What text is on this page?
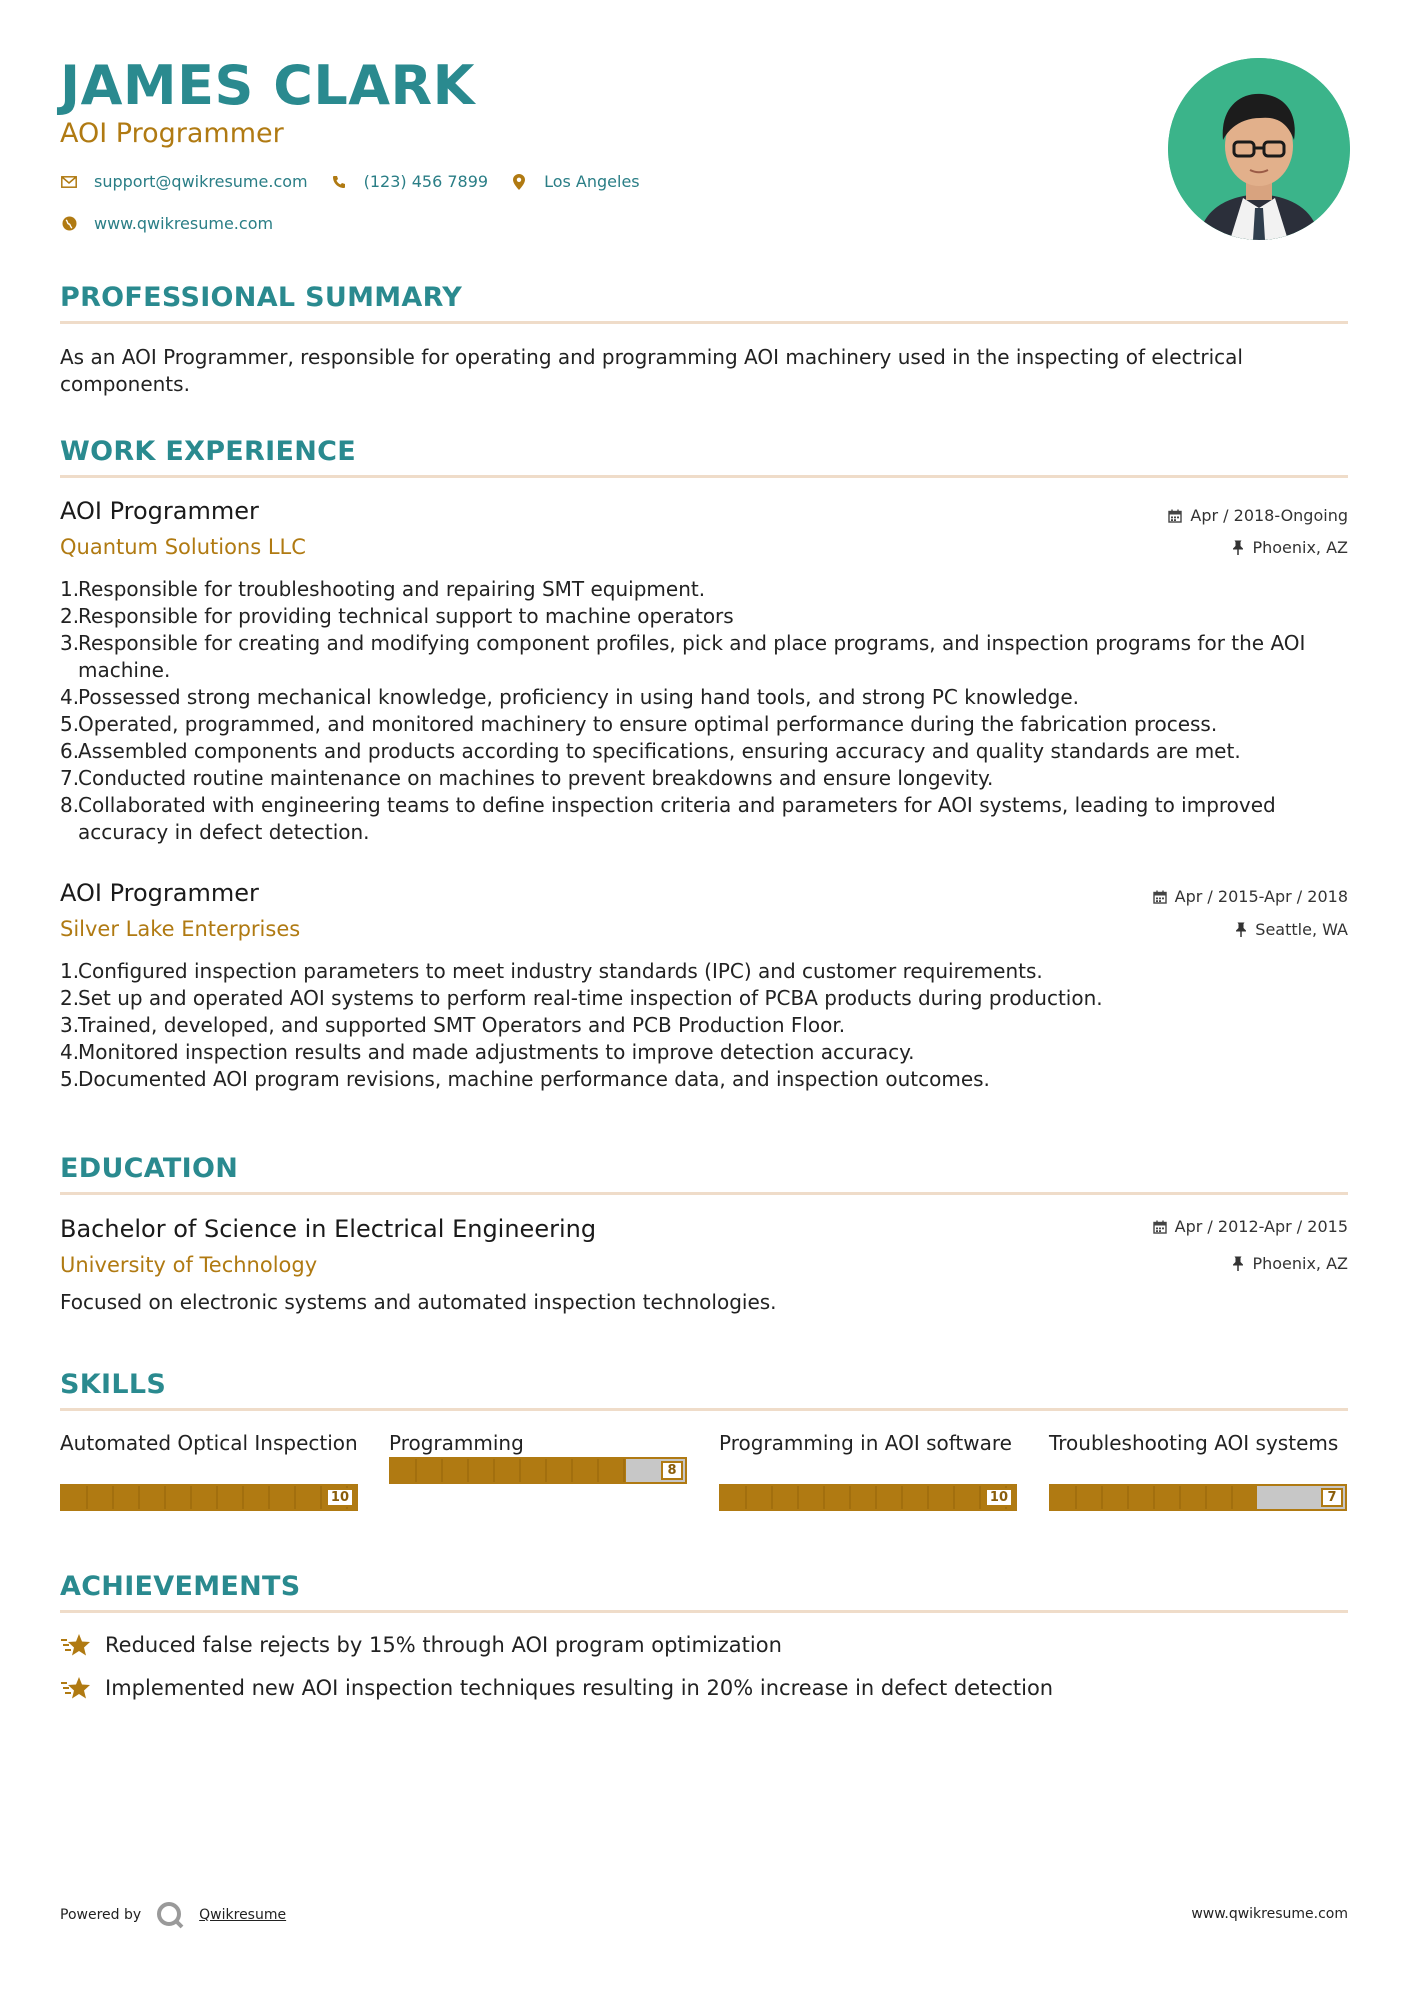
JAMES CLARK
AOI Programmer
support@qwikresume.com	(123) 456 7899	Los Angeles
www.qwikresume.com
PROFESSIONAL SUMMARY
As an AOI Programmer, responsible for operating and programming AOI machinery used in the inspecting of electrical components.
WORK EXPERIENCE
AOI Programmer	Apr / 2018-Ongoing
Quantum Solutions LLC	Phoenix, AZ
1.
Responsible for troubleshooting and repairing SMT equipment.
2.
Responsible for providing technical support to machine operators
3.
Responsible for creating and modifying component profiles, pick and place programs, and inspection programs for the AOI machine.
4.
Possessed strong mechanical knowledge, proficiency in using hand tools, and strong PC knowledge.
5.
Operated, programmed, and monitored machinery to ensure optimal performance during the fabrication process.
6.
Assembled components and products according to specifications, ensuring accuracy and quality standards are met.
7.
Conducted routine maintenance on machines to prevent breakdowns and ensure longevity.
8.
Collaborated with engineering teams to define inspection criteria and parameters for AOI systems, leading to improved accuracy in defect detection.
AOI Programmer	Apr / 2015-Apr / 2018
Silver Lake Enterprises	Seattle, WA
1.
Configured inspection parameters to meet industry standards (IPC) and customer requirements.
2.
Set up and operated AOI systems to perform real-time inspection of PCBA products during production.
3.
Trained, developed, and supported SMT Operators and PCB Production Floor.
4.
Monitored inspection results and made adjustments to improve detection accuracy.
5.
Documented AOI program revisions, machine performance data, and inspection outcomes.
EDUCATION
Bachelor of Science in Electrical Engineering	Apr / 2012-Apr / 2015
University of Technology	Phoenix, AZ
Focused on electronic systems and automated inspection technologies.
SKILLS
Automated Optical Inspection
10
Programming
8
Programming in AOI software
10
Troubleshooting AOI systems
7
ACHIEVEMENTS
Reduced false rejects by 15% through AOI program optimization
Implemented new AOI inspection techniques resulting in 20% increase in defect detection
Powered by	Qwikresume	www.qwikresume.com
